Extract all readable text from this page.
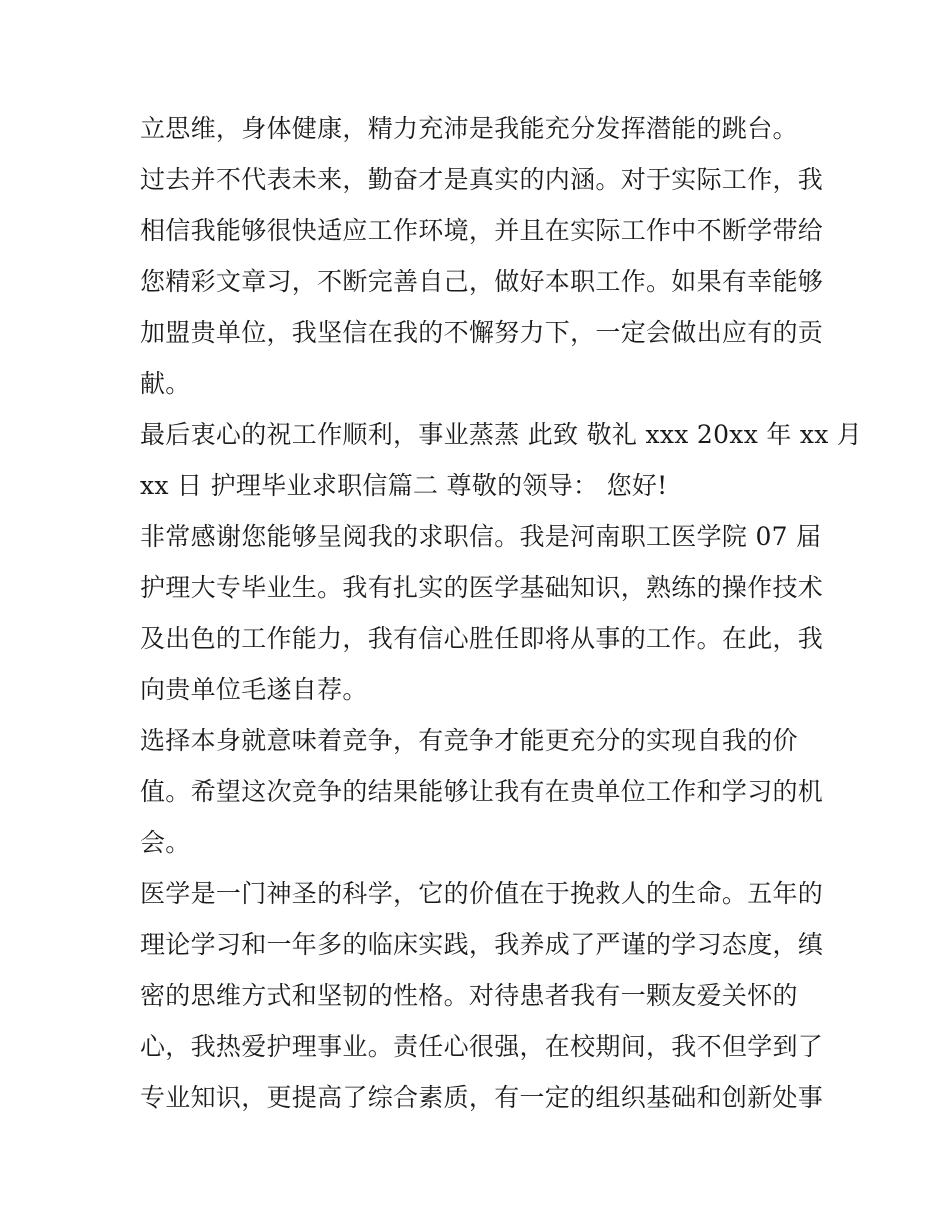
立思维，身体健康，精力充沛是我能充分发挥潜能的跳台。

过去并不代表未来，勤奋才是真实的内涵。对于实际工作，我

相信我能够很快适应工作环境，并且在实际工作中不断学带给

您精彩文章习，不断完善自己，做好本职工作。如果有幸能够

加盟贵单位，我坚信在我的不懈努力下，一定会做出应有的贡

献。

最后衷心的祝工作顺利，事业蒸蒸 此致 敬礼 xxx 20xx 年 xx 月

xx 日 护理毕业求职信篇二 尊敬的领导： 您好!

非常感谢您能够呈阅我的求职信。我是河南职工医学院 07 届

护理大专毕业生。我有扎实的医学基础知识，熟练的操作技术

及出色的工作能力，我有信心胜任即将从事的工作。在此，我

向贵单位毛遂自荐。

选择本身就意味着竞争，有竞争才能更充分的实现自我的价

值。希望这次竞争的结果能够让我有在贵单位工作和学习的机

会。

医学是一门神圣的科学，它的价值在于挽救人的生命。五年的

理论学习和一年多的临床实践，我养成了严谨的学习态度，缜

密的思维方式和坚韧的性格。对待患者我有一颗友爱关怀的

心，我热爱护理事业。责任心很强，在校期间，我不但学到了

专业知识，更提高了综合素质，有一定的组织基础和创新处事
